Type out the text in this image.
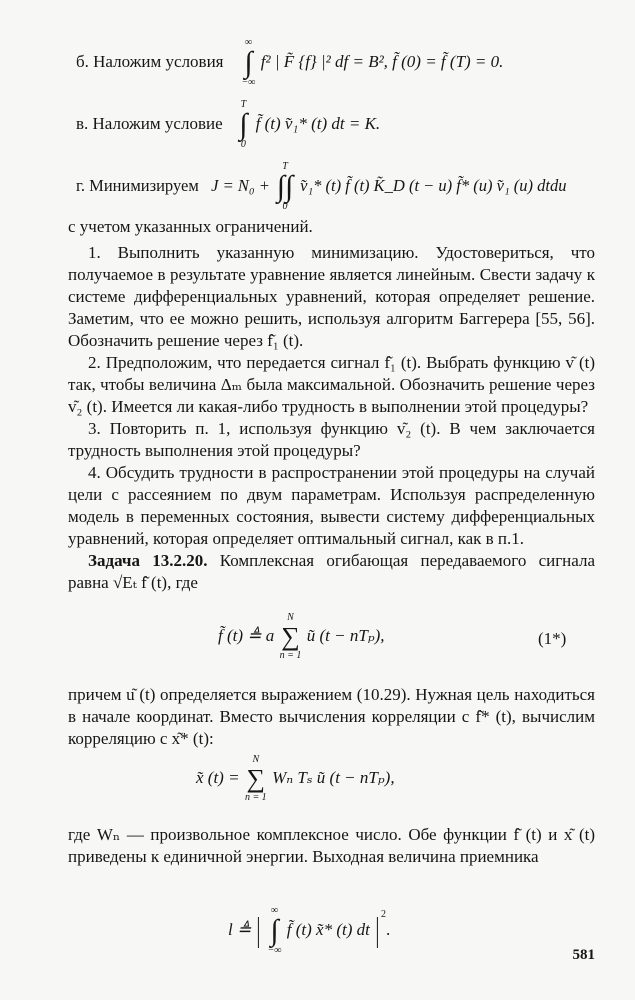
б. Наложим условия
∞
∫
−∞
f² | F͂ {f} |² df = B², f͂ (0) = f͂ (T) = 0.
в. Наложим условие
T
∫
0
f͂ (t) v͂₁* (t) dt = K.
г. Минимизируем J = N₀ +
T
∫∫
0
v͂₁* (t) f͂ (t) K͂_D (t − u) f͂* (u) v͂₁ (u) dtdu

с учетом указанных ограничений.

1. Выполнить указанную минимизацию. Удостовериться, что получаемое в результате уравнение является линейным. Свести задачу к системе дифференциальных уравнений, которая определяет решение. Заметим, что ее можно решить, используя алгоритм Баггерера [55, 56]. Обозначить решение через f͂₁ (t).

2. Предположим, что передается сигнал f͂₁ (t). Выбрать функцию v͂ (t) так, чтобы величина Δₘ была максимальной. Обозначить решение через v͂₂ (t). Имеется ли какая-либо трудность в выполнении этой процедуры?

3. Повторить п. 1, используя функцию v͂₂ (t). В чем заключается трудность выполнения этой процедуры?

4. Обсудить трудности в распространении этой процедуры на случай цели с рассеянием по двум параметрам. Используя распределенную модель в переменных состояния, вывести систему дифференциальных уравнений, которая определяет оптимальный сигнал, как в п.1.

Задача 13.2.20. Комплексная огибающая передаваемого сигнала равна √Eₜ f͂ (t), где

f͂ (t) ≜ a
N
∑
n = 1
u͂ (t − nTₚ),	(1*)

причем u͂ (t) определяется выражением (10.29). Нужная цель находиться в начале координат. Вместо вычисления корреляции с f͂* (t), вычислим корреляцию с x͂* (t):

x͂ (t) =
N
∑
n = 1
Wₙ Tₛ u͂ (t − nTₚ),

где Wₙ — произвольное комплексное число. Обе функции f͂ (t) и x͂ (t) приведены к единичной энергии. Выходная величина приемника

l ≜ |
∞
∫
−∞
f͂ (t) x͂* (t) dt $|^2$.
581
